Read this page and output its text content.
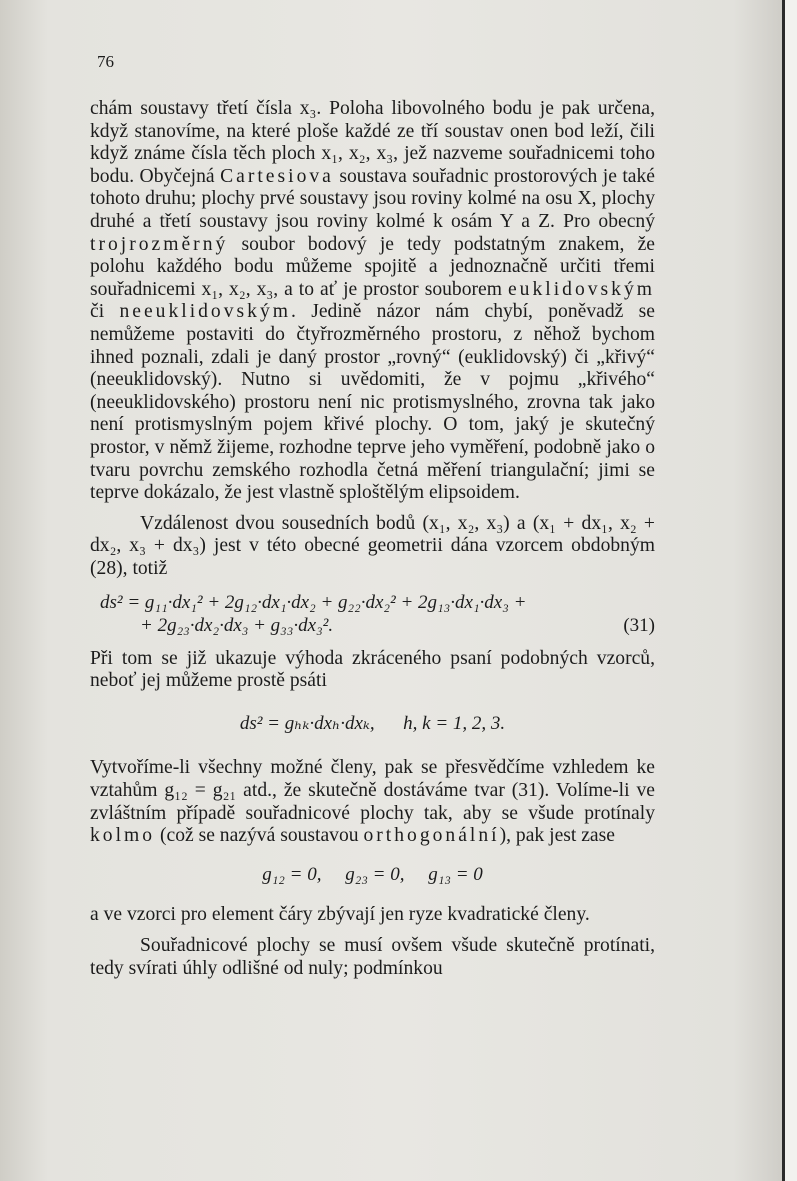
76

chám soustavy třetí čísla x₃. Poloha libovolného bodu je pak určena, když stanovíme, na které ploše každé ze tří soustav onen bod leží, čili když známe čísla těch ploch x₁, x₂, x₃, jež nazveme souřadnicemi toho bodu. Obyčejná Cartesiova soustava souřadnic prostorových je také tohoto druhu; plochy prvé soustavy jsou roviny kolmé na osu X, plochy druhé a třetí soustavy jsou roviny kolmé k osám Y a Z. Pro obecný trojrozměrný soubor bodový je tedy podstatným znakem, že polohu každého bodu můžeme spojitě a jednoznačně určiti třemi souřadnicemi x₁, x₂, x₃, a to ať je prostor souborem euklidovským či neeuklidovským. Jedině názor nám chybí, poněvadž se nemůžeme postaviti do čtyřrozměrného prostoru, z něhož bychom ihned poznali, zdali je daný prostor „rovný“ (euklidovský) či „křivý“ (neeuklidovský). Nutno si uvědomiti, že v pojmu „křivého“ (neeuklidovského) prostoru není nic protismyslného, zrovna tak jako není protismyslným pojem křivé plochy. O tom, jaký je skutečný prostor, v němž žijeme, rozhodne teprve jeho vyměření, podobně jako o tvaru povrchu zemského rozhodla četná měření triangulační; jimi se teprve dokázalo, že jest vlastně sploštělým elipsoidem.

Vzdálenost dvou sousedních bodů (x₁, x₂, x₃) a (x₁ + dx₁, x₂ + dx₂, x₃ + dx₃) jest v této obecné geometrii dána vzorcem obdobným (28), totiž

ds² = g₁₁·dx₁² + 2g₁₂·dx₁·dx₂ + g₂₂·dx₂² + 2g₁₃·dx₁·dx₃ +
+ 2g₂₃·dx₂·dx₃ + g₃₃·dx₃².	(31)

Při tom se již ukazuje výhoda zkráceného psaní podobných vzorců, neboť jej můžeme prostě psáti

ds² = gₕₖ·dxₕ·dxₖ,      h, k = 1, 2, 3.

Vytvoříme-li všechny možné členy, pak se přesvědčíme vzhledem ke vztahům g₁₂ = g₂₁ atd., že skutečně dostáváme tvar (31). Volíme-li ve zvláštním případě souřadnicové plochy tak, aby se všude protínaly kolmo (což se nazývá soustavou orthogonální), pak jest zase

g₁₂ = 0,     g₂₃ = 0,     g₁₃ = 0

a ve vzorci pro element čáry zbývají jen ryze kvadratické členy.

Souřadnicové plochy se musí ovšem všude skutečně protínati, tedy svírati úhly odlišné od nuly; podmínkou
